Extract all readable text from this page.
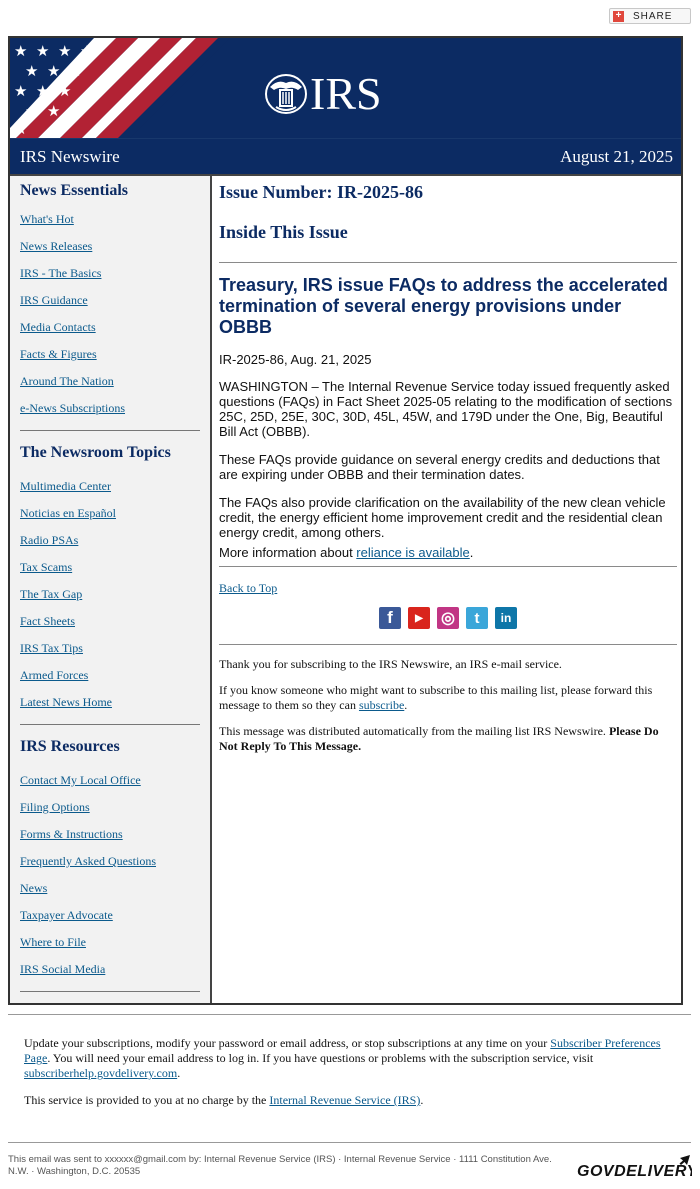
+ SHARE
★ ★ ★ ★
★ ★ ★
★ ★ ★
★ ★
★
IRS
IRS Newswire	August 21, 2025
News Essentials
What's Hot
News Releases
IRS - The Basics
IRS Guidance
Media Contacts
Facts & Figures
Around The Nation
e-News Subscriptions
The Newsroom Topics
Multimedia Center
Noticias en Español
Radio PSAs
Tax Scams
The Tax Gap
Fact Sheets
IRS Tax Tips
Armed Forces
Latest News Home
IRS Resources
Contact My Local Office
Filing Options
Forms & Instructions
Frequently Asked Questions
News
Taxpayer Advocate
Where to File
IRS Social Media
Issue Number: IR-2025-86
Inside This Issue
Treasury, IRS issue FAQs to address the accelerated termination of several energy provisions under OBBB

IR-2025-86, Aug. 21, 2025

WASHINGTON – The Internal Revenue Service today issued frequently asked questions (FAQs) in Fact Sheet 2025-05 relating to the modification of sections 25C, 25D, 25E, 30C, 30D, 45L, 45W, and 179D under the One, Big, Beautiful Bill Act (OBBB).

These FAQs provide guidance on several energy credits and deductions that are expiring under OBBB and their termination dates.

The FAQs also provide clarification on the availability of the new clean vehicle credit, the energy efficient home improvement credit and the residential clean energy credit, among others.

More information about reliance is available.

Back to Top
f	▶	◎	t	in

Thank you for subscribing to the IRS Newswire, an IRS e-mail service.

If you know someone who might want to subscribe to this mailing list, please forward this message to them so they can subscribe.

This message was distributed automatically from the mailing list IRS Newswire. Please Do Not Reply To This Message.

Update your subscriptions, modify your password or email address, or stop subscriptions at any time on your Subscriber Preferences Page. You will need your email address to log in. If you have questions or problems with the subscription service, visit subscriberhelp.govdelivery.com.

This service is provided to you at no charge by the Internal Revenue Service (IRS).

This email was sent to xxxxxx@gmail.com by: Internal Revenue Service (IRS) · Internal Revenue Service · 1111 Constitution Ave. N.W. · Washington, D.C. 20535	GOVDELIVERY
